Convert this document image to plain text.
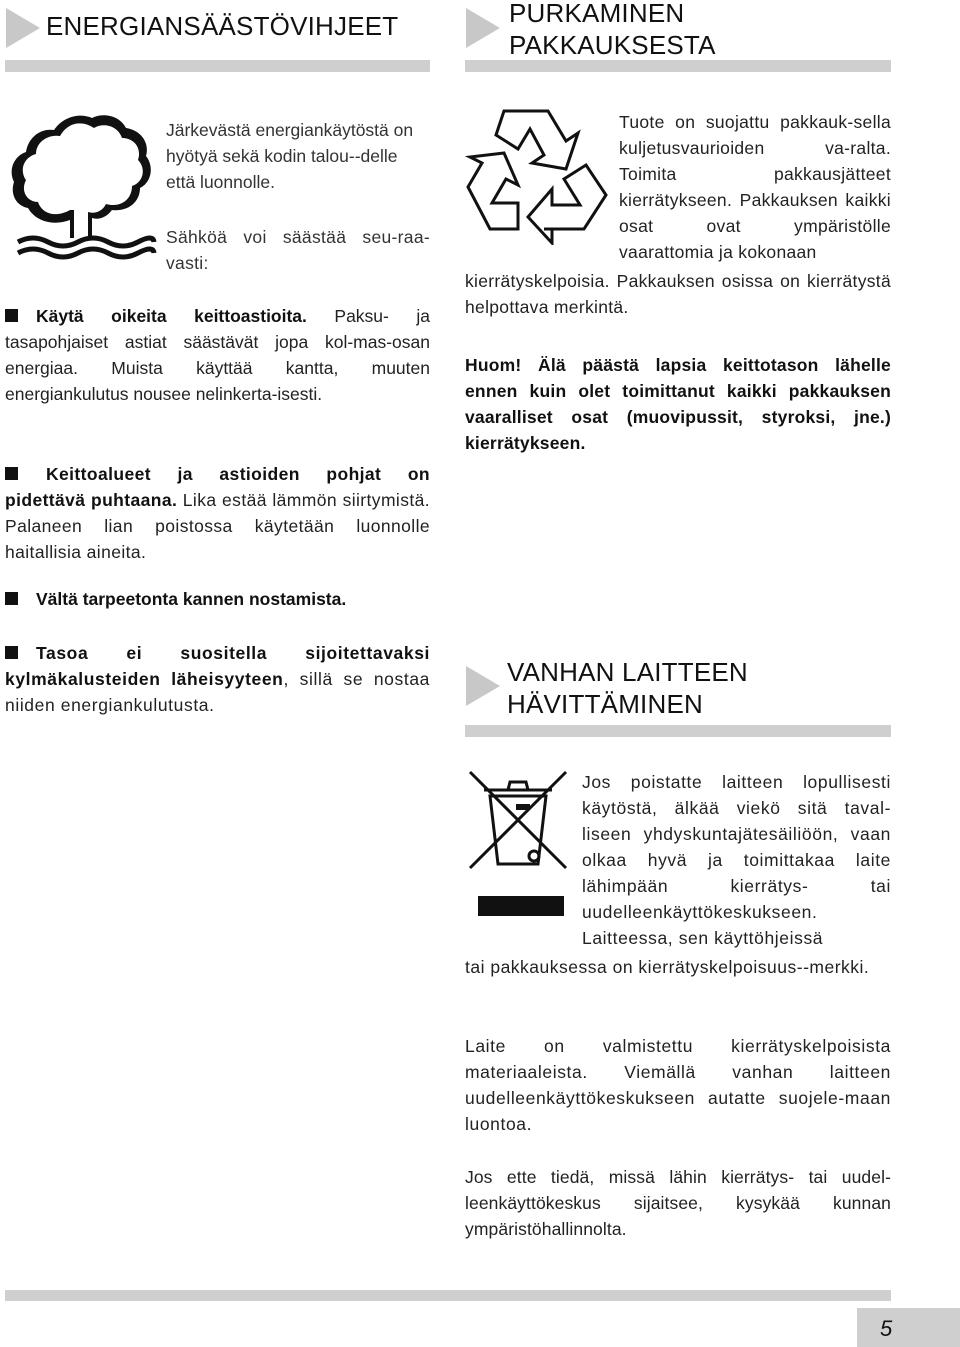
ENERGIANSÄÄSTÖVIHJEET	PURKAMINEN
PAKKAUKSESTA

Järkevästä energiankäytöstä on hyötyä sekä kodin talou--delle että luonnolle.

Sähköä voi säästää seu-raa- vasti:

Käytä oikeita keittoastioita. Paksu- ja tasapohjaiset astiat säästävät jopa kol-mas-osan energiaa. Muista käyttää kantta, muuten energiankulutus nousee nelinkerta-isesti.

Keittoalueet ja astioiden pohjat on pidettävä puhtaana. Lika estää lämmön siirtymistä. Palaneen lian poistossa käytetään luonnolle haitallisia aineita.

Vältä tarpeetonta kannen nostamista.

Tasoa ei suositella sijoitettavaksi kylmäkalusteiden läheisyyteen, sillä se nostaa niiden energiankulutusta.

Tuote on suojattu pakkauk-sella kuljetusvaurioiden va-ralta. Toimita pakkausjätteet kierrätykseen. Pakkauksen kaikki osat ovat ympäristölle vaarattomia ja kokonaan

kierrätyskelpoisia. Pakkauksen osissa on kierrätystä helpottava merkintä.

Huom! Älä päästä lapsia keittotason lähelle ennen kuin olet toimittanut kaikki pakkauksen vaaralliset osat (muovipussit, styroksi, jne.) kierrätykseen.

VANHAN LAITTEEN
HÄVITTÄMINEN

Jos poistatte laitteen lopullisesti käytöstä, älkää viekö sitä taval-liseen yhdyskuntajätesäiliöön, vaan olkaa hyvä ja toimittakaa laite lähimpään kierrätys- tai uudelleenkäyttökeskukseen. Laitteessa, sen käyttöhjeissä

tai pakkauksessa on kierrätyskelpoisuus--merkki.

Laite on valmistettu kierrätyskelpoisista materiaaleista. Viemällä vanhan laitteen uudelleenkäyttökeskukseen autatte suojele-maan luontoa.

Jos ette tiedä, missä lähin kierrätys- tai uudel-leenkäyttökeskus sijaitsee, kysykää kunnan ympäristöhallinnolta.

5
